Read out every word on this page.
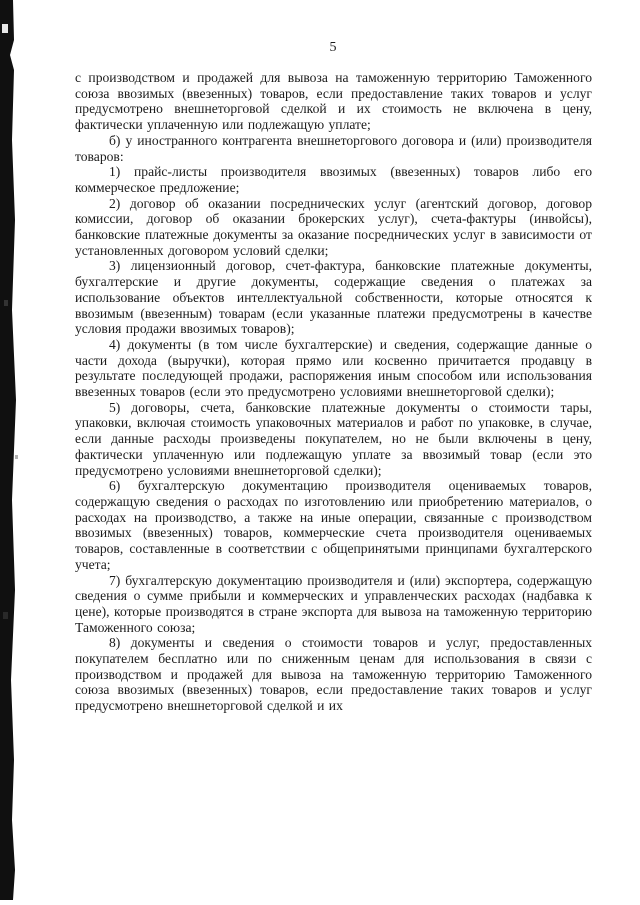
5

с производством и продажей для вывоза на таможенную территорию Таможенного союза ввозимых (ввезенных) товаров, если предоставление таких товаров и услуг предусмотрено внешнеторговой сделкой и их стоимость не включена в цену, фактически уплаченную или подлежащую уплате;

б) у иностранного контрагента внешнеторгового договора и (или) производителя товаров:

1) прайс-листы производителя ввозимых (ввезенных) товаров либо его коммерческое предложение;

2) договор об оказании посреднических услуг (агентский договор, договор комиссии, договор об оказании брокерских услуг), счета-фактуры (инвойсы), банковские платежные документы за оказание посреднических услуг в зависимости от установленных договором условий сделки;

3) лицензионный договор, счет-фактура, банковские платежные документы, бухгалтерские и другие документы, содержащие сведения о платежах за использование объектов интеллектуальной собственности, которые относятся к ввозимым (ввезенным) товарам (если указанные платежи предусмотрены в качестве условия продажи ввозимых товаров);

4) документы (в том числе бухгалтерские) и сведения, содержащие данные о части дохода (выручки), которая прямо или косвенно причитается продавцу в результате последующей продажи, распоряжения иным способом или использования ввезенных товаров (если это предусмотрено условиями внешнеторговой сделки);

5) договоры, счета, банковские платежные документы о стоимости тары, упаковки, включая стоимость упаковочных материалов и работ по упаковке, в случае, если данные расходы произведены покупателем, но не были включены в цену, фактически уплаченную или подлежащую уплате за ввозимый товар (если это предусмотрено условиями внешнеторговой сделки);

6) бухгалтерскую документацию производителя оцениваемых товаров, содержащую сведения о расходах по изготовлению или приобретению материалов, о расходах на производство, а также на иные операции, связанные с производством ввозимых (ввезенных) товаров, коммерческие счета производителя оцениваемых товаров, составленные в соответствии с общепринятыми принципами бухгалтерского учета;

7) бухгалтерскую документацию производителя и (или) экспортера, содержащую сведения о сумме прибыли и коммерческих и управленческих расходах (надбавка к цене), которые производятся в стране экспорта для вывоза на таможенную территорию Таможенного союза;

8) документы и сведения о стоимости товаров и услуг, предоставленных покупателем бесплатно или по сниженным ценам для использования в связи с производством и продажей для вывоза на таможенную территорию Таможенного союза ввозимых (ввезенных) товаров, если предоставление таких товаров и услуг предусмотрено внешнеторговой сделкой и их
